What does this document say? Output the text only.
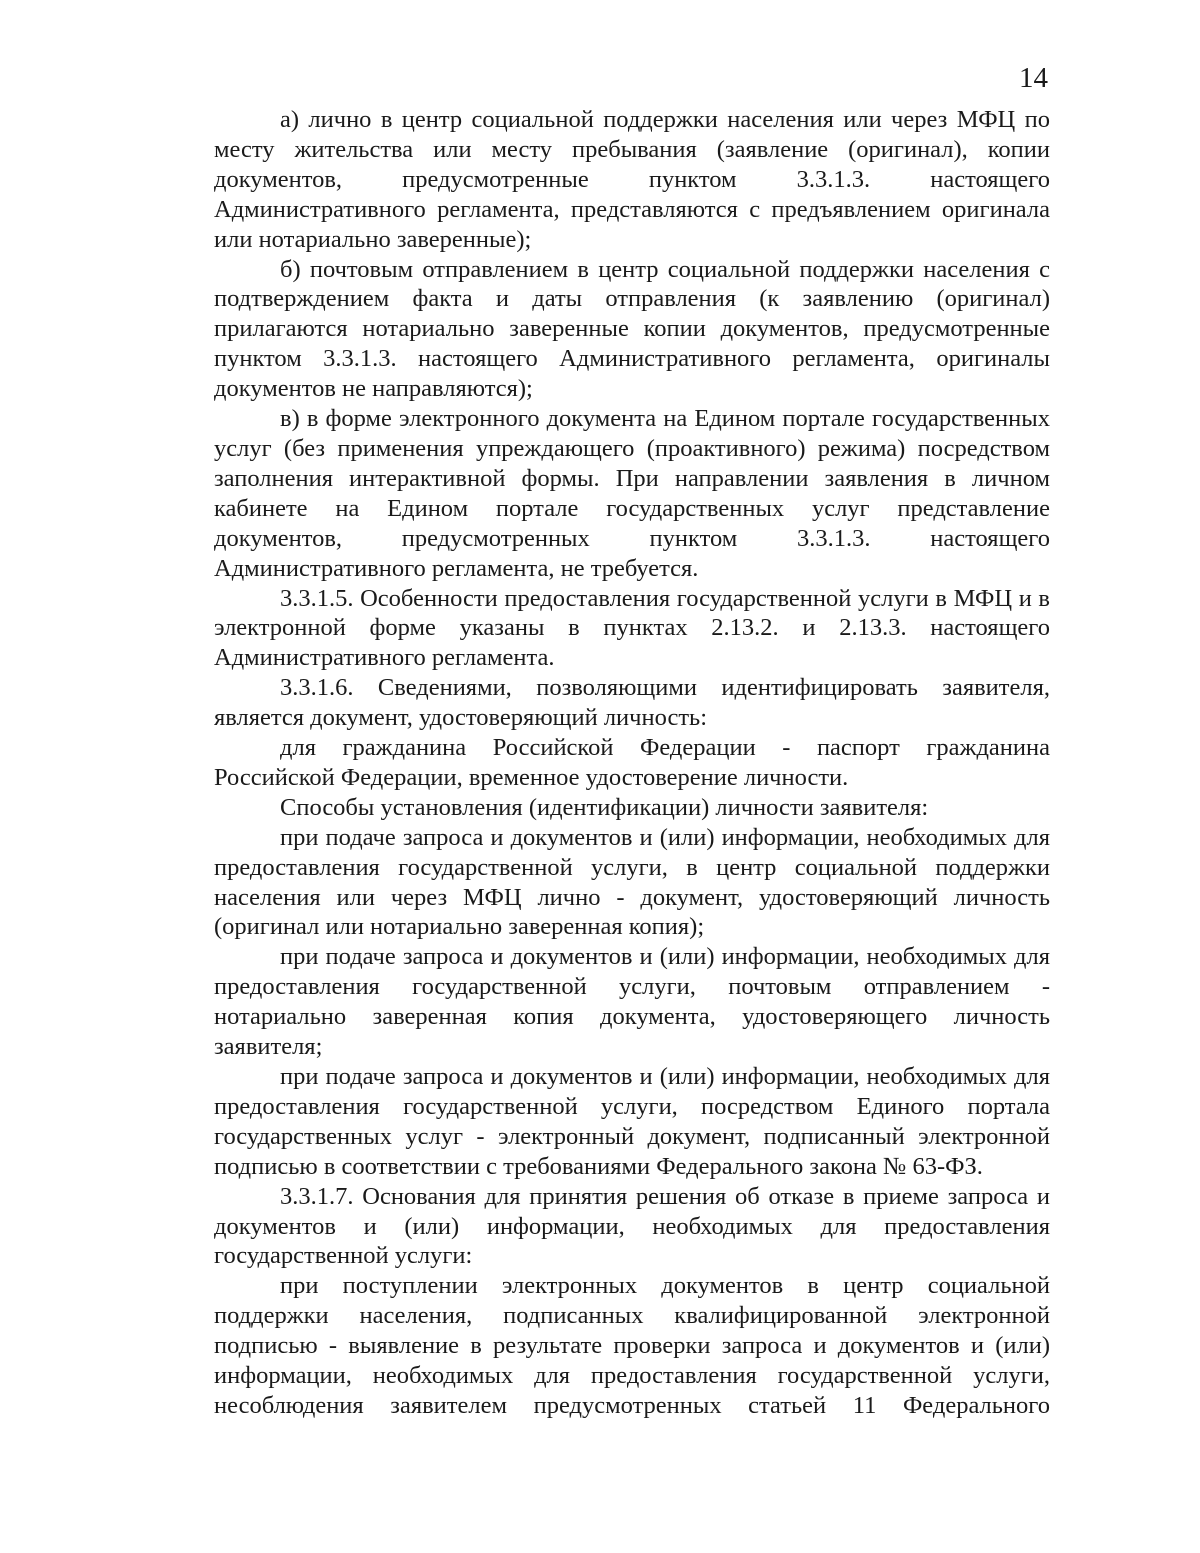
14

а) лично в центр социальной поддержки населения или через МФЦ по месту жительства или месту пребывания (заявление (оригинал), копии документов, предусмотренные пунктом 3.3.1.3. настоящего Административного регламента, представляются с предъявлением оригинала или нотариально заверенные);

б) почтовым отправлением в центр социальной поддержки населения с подтверждением факта и даты отправления (к заявлению (оригинал) прилагаются нотариально заверенные копии документов, предусмотренные пунктом 3.3.1.3. настоящего Административного регламента, оригиналы документов не направляются);

в) в форме электронного документа на Едином портале государственных услуг (без применения упреждающего (проактивного) режима) посредством заполнения интерактивной формы. При направлении заявления в личном кабинете на Едином портале государственных услуг представление документов, предусмотренных пунктом 3.3.1.3. настоящего Административного регламента, не требуется.

3.3.1.5. Особенности предоставления государственной услуги в МФЦ и в электронной форме указаны в пунктах 2.13.2. и 2.13.3. настоящего Административного регламента.

3.3.1.6. Сведениями, позволяющими идентифицировать заявителя, является документ, удостоверяющий личность:

для гражданина Российской Федерации - паспорт гражданина Российской Федерации, временное удостоверение личности.

Способы установления (идентификации) личности заявителя:

при подаче запроса и документов и (или) информации, необходимых для предоставления государственной услуги, в центр социальной поддержки населения или через МФЦ лично - документ, удостоверяющий личность (оригинал или нотариально заверенная копия);

при подаче запроса и документов и (или) информации, необходимых для предоставления государственной услуги, почтовым отправлением - нотариально заверенная копия документа, удостоверяющего личность заявителя;

при подаче запроса и документов и (или) информации, необходимых для предоставления государственной услуги, посредством Единого портала государственных услуг - электронный документ, подписанный электронной подписью в соответствии с требованиями Федерального закона № 63-ФЗ.

3.3.1.7. Основания для принятия решения об отказе в приеме запроса и документов и (или) информации, необходимых для предоставления государственной услуги:

при поступлении электронных документов в центр социальной поддержки населения, подписанных квалифицированной электронной подписью - выявление в результате проверки запроса и документов и (или) информации, необходимых для предоставления государственной услуги, несоблюдения заявителем предусмотренных статьей 11 Федерального
